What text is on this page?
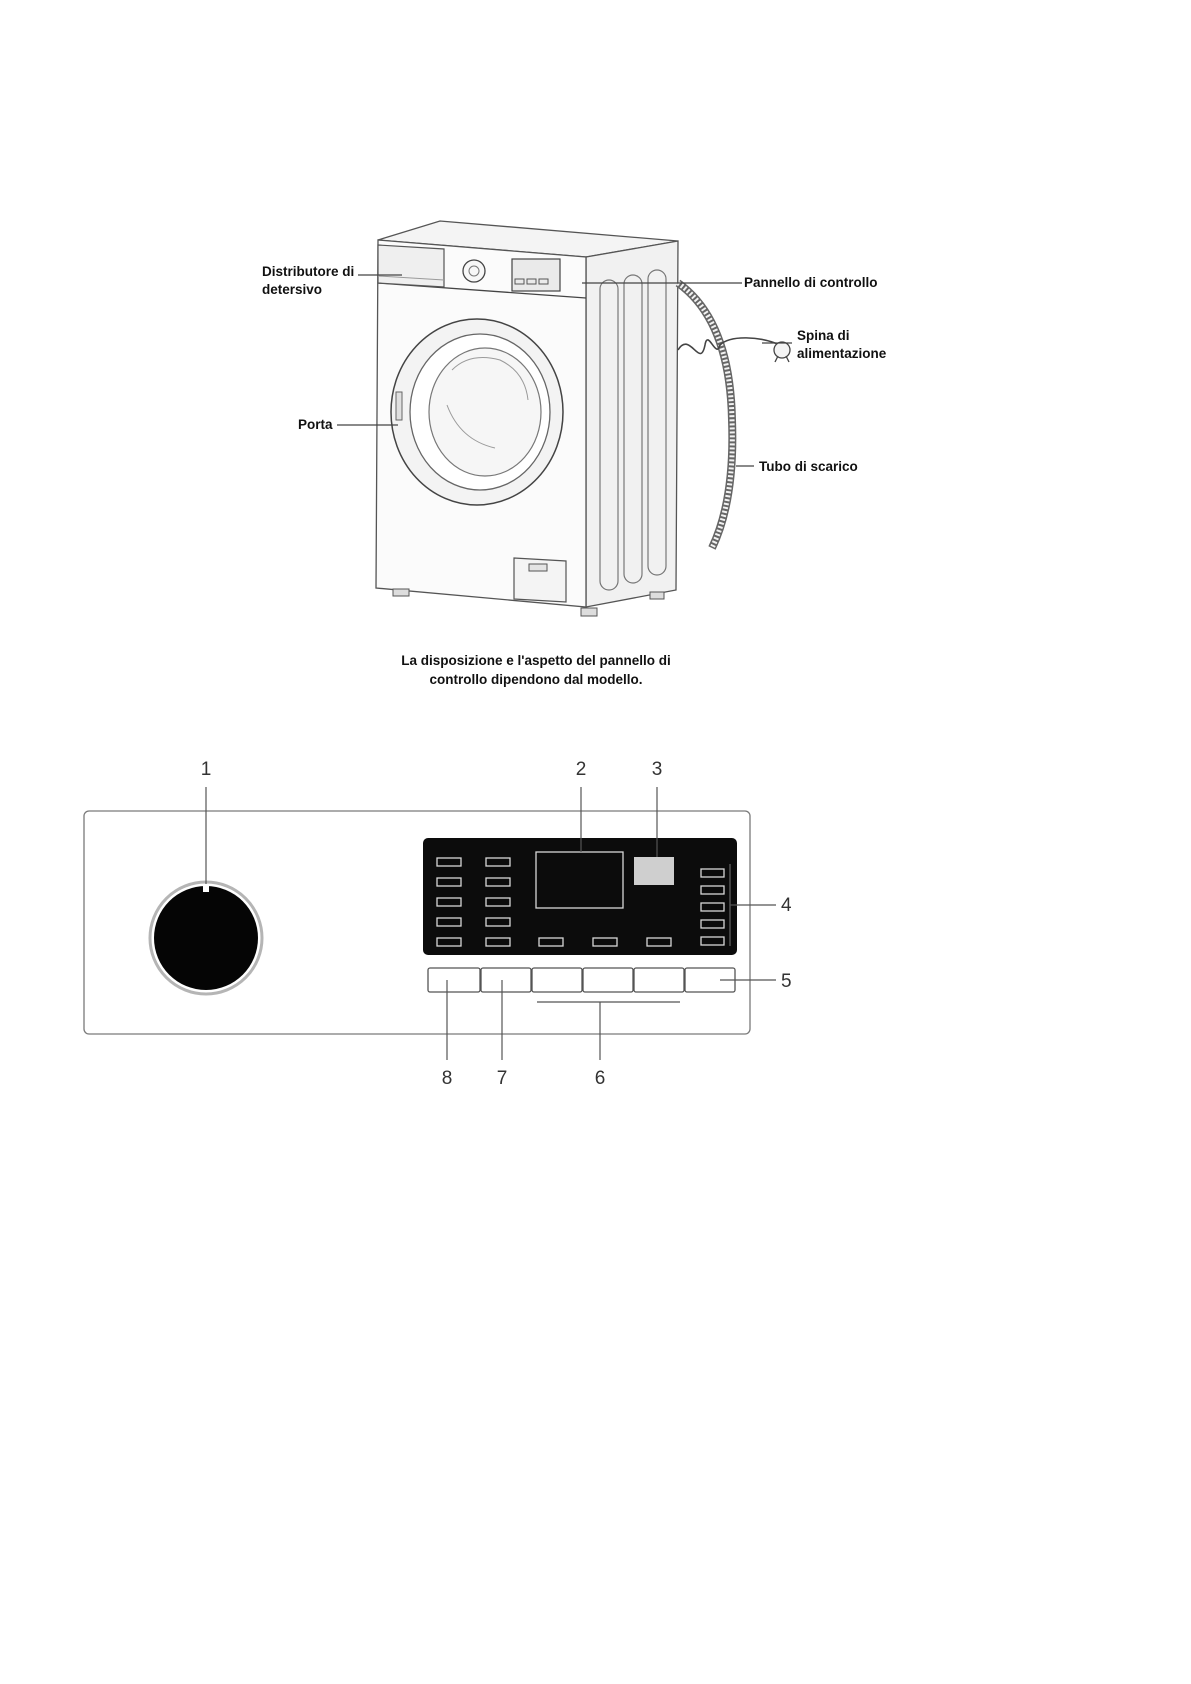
Distributore di
detersivo
Porta
Pannello di controllo
Spina di
alimentazione
Tubo di scarico
La disposizione e l'aspetto del pannello di
controllo dipendono dal modello.
1	2	3
4
5
6
7
8
